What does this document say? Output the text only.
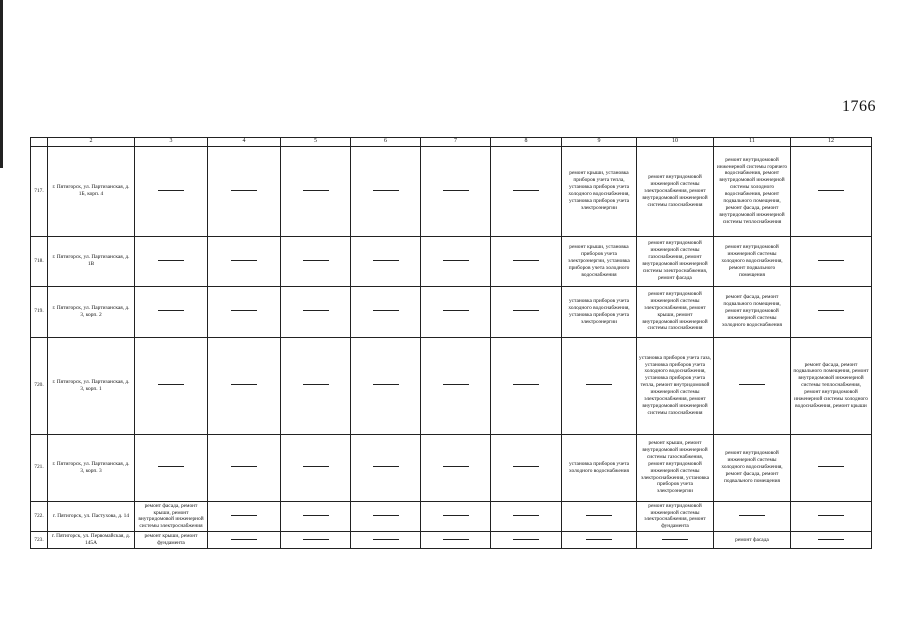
1766
	2	3	4	5	6	7	8	9	10	11	12
717.	г. Пятигорск, ул. Партизанская, д. 1Б, корп. 4							ремонт крыши, установка приборов учета тепла, установка приборов учета холодного водоснабжения, установка приборов учета электроэнергии	ремонт внутридомовой инженерной системы электроснабжения, ремонт внутридомовой инженерной системы газоснабжения	ремонт внутридомовой инженерной системы горячего водоснабжения, ремонт внутридомовой инженерной системы холодного водоснабжения, ремонт подвального помещения, ремонт фасада, ремонт внутридомовой инженерной системы теплоснабжения	
718.	г. Пятигорск, ул. Партизанская, д. 1В							ремонт крыши, установка приборов учета электроэнергии, установка приборов учета холодного водоснабжения	ремонт внутридомовой инженерной системы газоснабжения, ремонт внутридомовой инженерной системы электроснабжения, ремонт фасада	ремонт внутридомовой инженерной системы холодного водоснабжения, ремонт подвального помещения	
719.	г. Пятигорск, ул. Партизанская, д. 3, корп. 2							установка приборов учета холодного водоснабжения, установка приборов учета электроэнергии	ремонт внутридомовой инженерной системы электроснабжения, ремонт крыши, ремонт внутридомовой инженерной системы газоснабжения	ремонт фасада, ремонт подвального помещения, ремонт внутридомовой инженерной системы холодного водоснабжения	
720.	г. Пятигорск, ул. Партизанская, д. 3, корп. 1								установка приборов учета газа, установка приборов учета холодного водоснабжения, установка приборов учета тепла, ремонт внутридомовой инженерной системы электроснабжения, ремонт внутридомовой инженерной системы газоснабжения		ремонт фасада, ремонт подвального помещения, ремонт внутридомовой инженерной системы теплоснабжения, ремонт внутридомовой инженерной системы холодного водоснабжения, ремонт крыши
721.	г. Пятигорск, ул. Партизанская, д. 3, корп. 3							установка приборов учета холодного водоснабжения	ремонт крыши, ремонт внутридомовой инженерной системы газоснабжения, ремонт внутридомовой инженерной системы электроснабжения, установка приборов учета электроэнергии	ремонт внутридомовой инженерной системы холодного водоснабжения, ремонт фасада, ремонт подвального помещения	
722.	г. Пятигорск, ул. Пастухова, д. 14	ремонт фасада, ремонт крыши, ремонт внутридомовой инженерной системы электроснабжения							ремонт внутридомовой инженерной системы электроснабжения, ремонт фундамента		
723.	г. Пятигорск, ул. Первомайская, д. 145А	ремонт крыши, ремонт фундамента								ремонт фасада	
